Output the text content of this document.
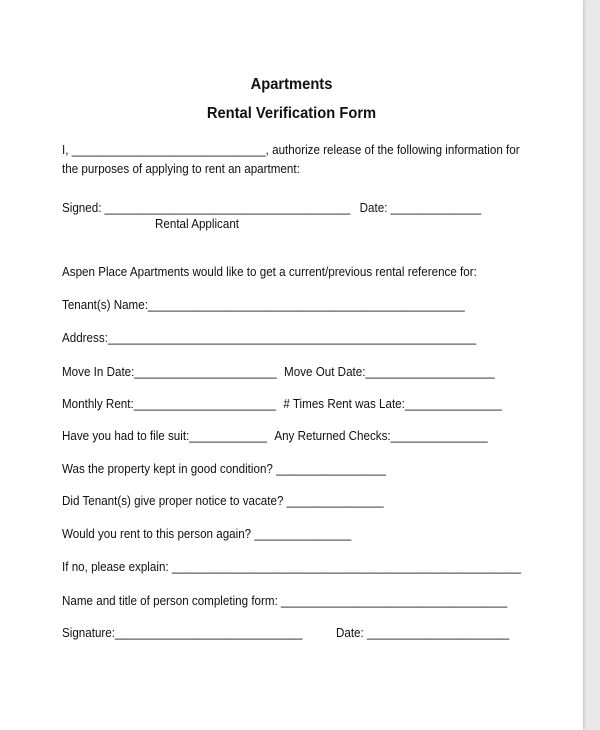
Apartments
Rental Verification Form
I, ______________________________, authorize release of the following information for
the purposes of applying to rent an apartment:
Signed: ______________________________________ Date: ______________
Rental Applicant
Aspen Place Apartments would like to get a current/previous rental reference for:
Tenant(s) Name:_________________________________________________
Address:_________________________________________________________
Move In Date:______________________ Move Out Date:____________________
Monthly Rent:______________________ # Times Rent was Late:_______________
Have you had to file suit:____________ Any Returned Checks:_______________
Was the property kept in good condition? _________________
Did Tenant(s) give proper notice to vacate? _______________
Would you rent to this person again? _______________
If no, please explain: ______________________________________________________
Name and title of person completing form: ___________________________________
Signature:_____________________________	Date: ______________________
